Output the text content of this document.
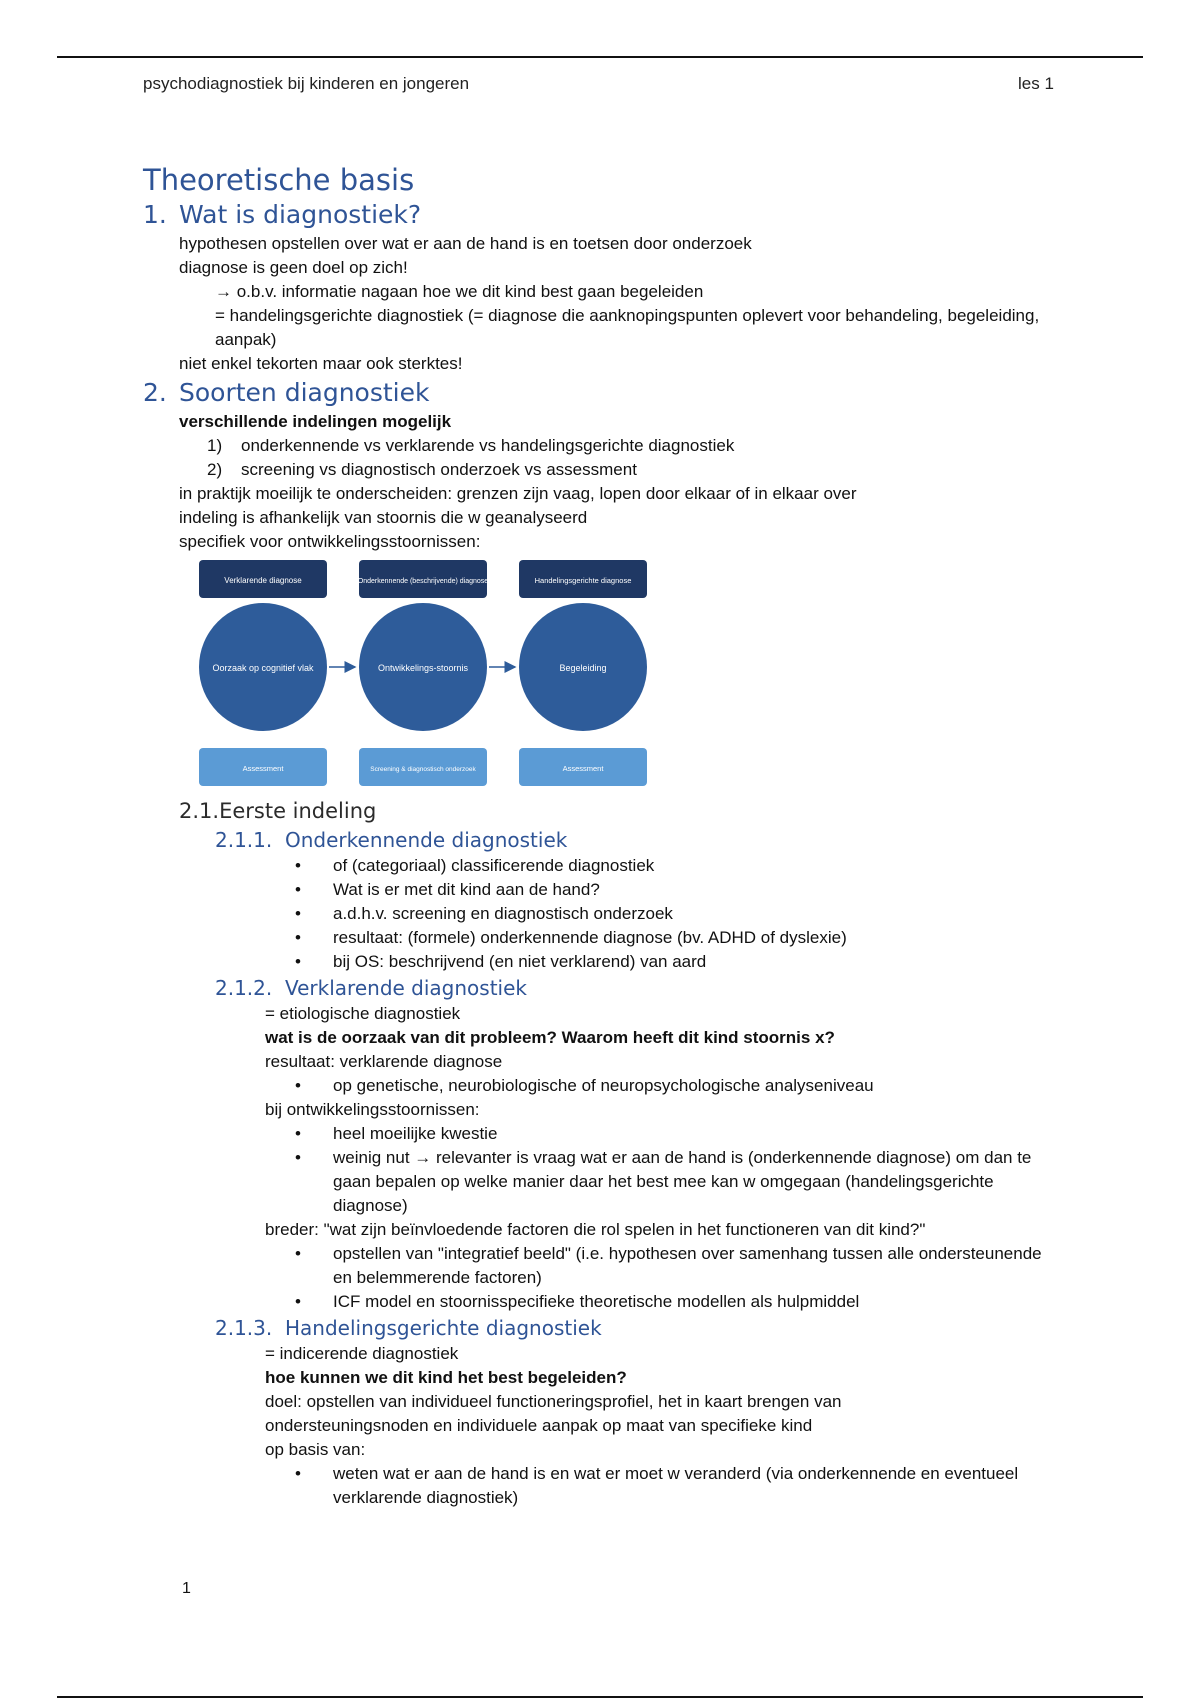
psychodiagnostiek bij kinderen en jongeren	les 1
Theoretische basis
1. Wat is diagnostiek?

hypothesen opstellen over wat er aan de hand is en toetsen door onderzoek

diagnose is geen doel op zich!

→ o.b.v. informatie nagaan hoe we dit kind best gaan begeleiden

= handelingsgerichte diagnostiek (= diagnose die aanknopingspunten oplevert voor behandeling, begeleiding, aanpak)

niet enkel tekorten maar ook sterktes!

2. Soorten diagnostiek

verschillende indelingen mogelijk

1)	onderkennende vs verklarende vs handelingsgerichte diagnostiek
2)	screening vs diagnostisch onderzoek vs assessment

in praktijk moeilijk te onderscheiden: grenzen zijn vaag, lopen door elkaar of in elkaar over

indeling is afhankelijk van stoornis die w geanalyseerd

specifiek voor ontwikkelingsstoornissen:

Verklarende diagnose	Onderkennende (beschrijvende) diagnose	Handelingsgerichte diagnose
Oorzaak op cognitief vlak	Ontwikkelings-stoornis	Begeleiding
Assessment	Screening & diagnostisch onderzoek	Assessment
2.1.Eerste indeling
2.1.1. Onderkennende diagnostiek
•	of (categoriaal) classificerende diagnostiek
•	Wat is er met dit kind aan de hand?
•	a.d.h.v. screening en diagnostisch onderzoek
•	resultaat: (formele) onderkennende diagnose (bv. ADHD of dyslexie)
•	bij OS: beschrijvend (en niet verklarend) van aard
2.1.2. Verklarende diagnostiek

= etiologische diagnostiek

wat is de oorzaak van dit probleem? Waarom heeft dit kind stoornis x?

resultaat: verklarende diagnose

•	op genetische, neurobiologische of neuropsychologische analyseniveau

bij ontwikkelingsstoornissen:

•	heel moeilijke kwestie
•	weinig nut → relevanter is vraag wat er aan de hand is (onderkennende diagnose) om dan te gaan bepalen op welke manier daar het best mee kan w omgegaan (handelingsgerichte diagnose)

breder: "wat zijn beïnvloedende factoren die rol spelen in het functioneren van dit kind?"

•	opstellen van "integratief beeld" (i.e. hypothesen over samenhang tussen alle ondersteunende en belemmerende factoren)
•	ICF model en stoornisspecifieke theoretische modellen als hulpmiddel
2.1.3. Handelingsgerichte diagnostiek

= indicerende diagnostiek

hoe kunnen we dit kind het best begeleiden?

doel: opstellen van individueel functioneringsprofiel, het in kaart brengen van ondersteuningsnoden en individuele aanpak op maat van specifieke kind

op basis van:

•	weten wat er aan de hand is en wat er moet w veranderd (via onderkennende en eventueel verklarende diagnostiek)
1
